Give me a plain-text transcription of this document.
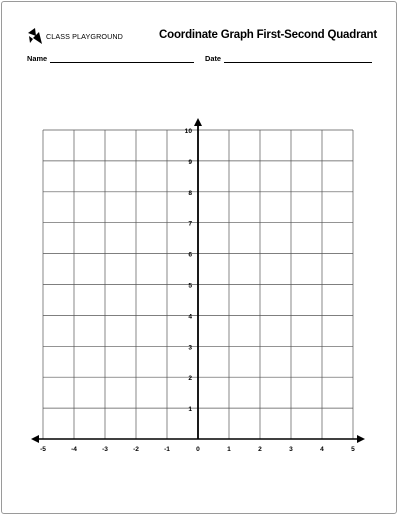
CLASS PLAYGROUND	Coordinate Graph First-Second Quadrant
Name	Date
-5	-4	-3	-2	-1	0	1	2	3	4	5
1
2
3
4
5
6
7
8
9
10
